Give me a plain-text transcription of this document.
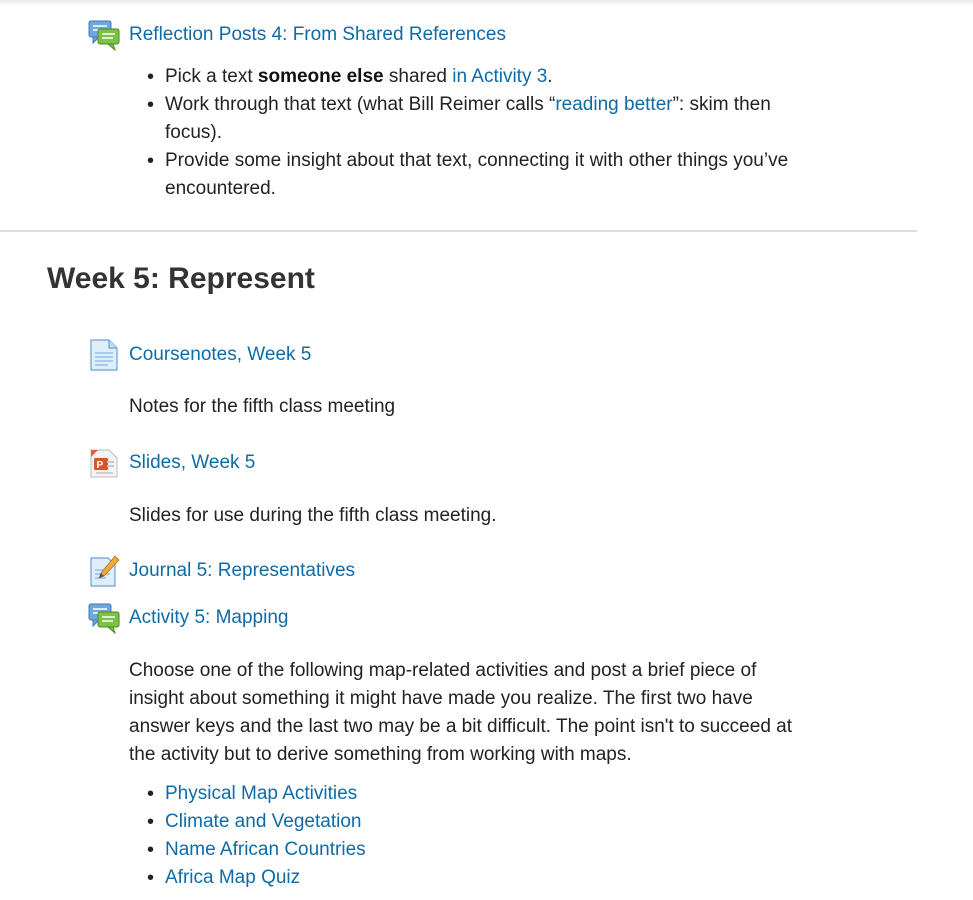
Reflection Posts 4: From Shared References
• Pick a text someone else shared in Activity 3.
• Work through that text (what Bill Reimer calls “reading better”: skim then
focus).
• Provide some insight about that text, connecting it with other things you’ve
encountered.
Week 5: Represent
Coursenotes, Week 5
Notes for the fifth class meeting
P Slides, Week 5
Slides for use during the fifth class meeting.
Journal 5: Representatives
Activity 5: Mapping
Choose one of the following map-related activities and post a brief piece of
insight about something it might have made you realize. The first two have
answer keys and the last two may be a bit difficult. The point isn't to succeed at
the activity but to derive something from working with maps.
• Physical Map Activities
• Climate and Vegetation
• Name African Countries
• Africa Map Quiz
